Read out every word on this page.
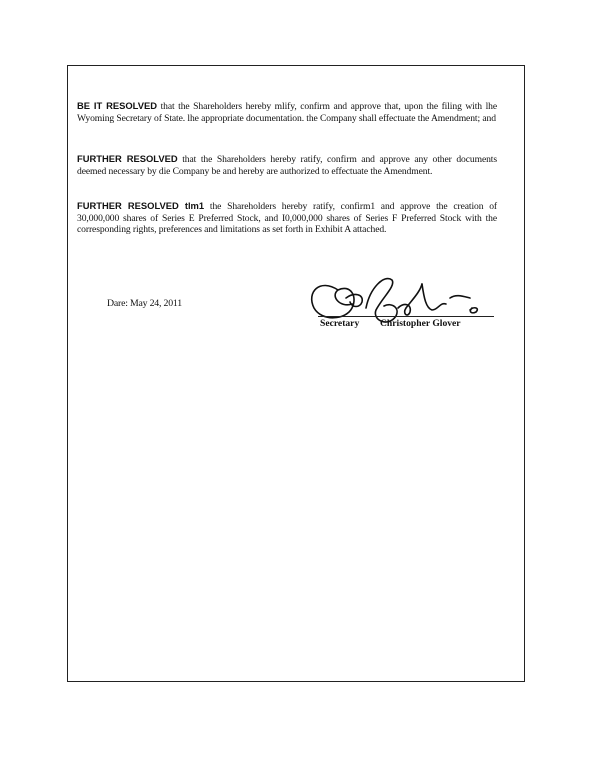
BE IT RESOLVED that the Shareholders hereby mlify, confirm and approve that, upon the filing with lhe Wyoming Secretary of State. lhe appropriate documentation. the Company shall effectuate the Amendment; and

FURTHER RESOLVED that the Shareholders hereby ratify, confirm and approve any other documents deemed necessary by die Company be and hereby are authorized to effectuate the Amendment.

FURTHER RESOLVED tlm1 the Shareholders hereby ratify, confirm1 and approve the creation of 30,000,000 shares of Series E Preferred Stock, and I0,000,000 shares of Series F Preferred Stock with the corresponding rights, preferences and limitations as set forth in Exhibit A attached.

Dare: May 24, 2011
Secretary Christopher Glover
